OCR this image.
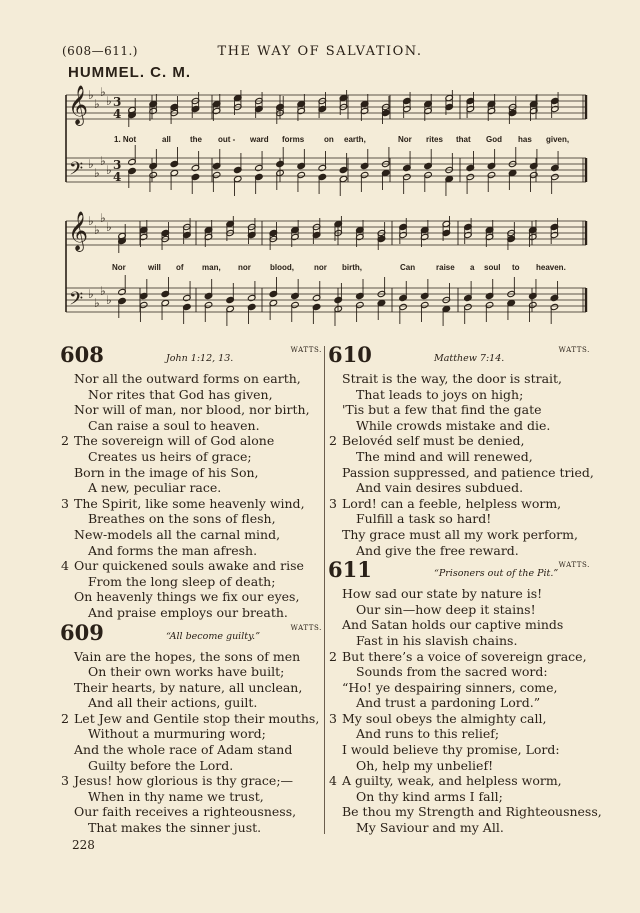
(608—611.)	THE WAY OF SALVATION.
HUMMEL. C. M.
𝄞
𝄢
♭
♭
♭
♭
♭
♭
♭
♭
3
4
3
4
1. Not	all the out - ward forms on earth,	Nor rites that God has given,
𝄞
𝄢
♭
♭
♭
♭
♭
♭
♭
♭
Nor	will of man, nor blood,	nor birth,	Can	raise a soul to heaven.
608	John 1:12, 13.
WATTS.
Nor all the outward forms on earth,
Nor rites that God has given,
Nor will of man, nor blood, nor birth,
Can raise a soul to heaven.
2 The sovereign will of God alone
Creates us heirs of grace;
Born in the image of his Son,
A new, peculiar race.
3 The Spirit, like some heavenly wind,
Breathes on the sons of flesh,
New-models all the carnal mind,
And forms the man afresh.
4 Our quickened souls awake and rise
From the long sleep of death;
On heavenly things we fix our eyes,
And praise employs our breath.
609	“All become guilty.”
WATTS.
Vain are the hopes, the sons of men
On their own works have built;
Their hearts, by nature, all unclean,
And all their actions, guilt.
2 Let Jew and Gentile stop their mouths,
Without a murmuring word;
And the whole race of Adam stand
Guilty before the Lord.
3 Jesus! how glorious is thy grace;—
When in thy name we trust,
Our faith receives a righteousness,
That makes the sinner just.
610	Matthew 7:14.
WATTS.
Strait is the way, the door is strait,
That leads to joys on high;
'Tis but a few that find the gate
While crowds mistake and die.
2 Belovéd self must be denied,
The mind and will renewed,
Passion suppressed, and patience tried,
And vain desires subdued.
3 Lord! can a feeble, helpless worm,
Fulfill a task so hard!
Thy grace must all my work perform,
And give the free reward.
611	“Prisoners out of the Pit.”
WATTS.
How sad our state by nature is!
Our sin—how deep it stains!
And Satan holds our captive minds
Fast in his slavish chains.
2 But there’s a voice of sovereign grace,
Sounds from the sacred word:
“Ho! ye despairing sinners, come,
And trust a pardoning Lord.”
3 My soul obeys the almighty call,
And runs to this relief;
I would believe thy promise, Lord:
Oh, help my unbelief!
4 A guilty, weak, and helpless worm,
On thy kind arms I fall;
Be thou my Strength and Righteousness,
My Saviour and my All.
228
